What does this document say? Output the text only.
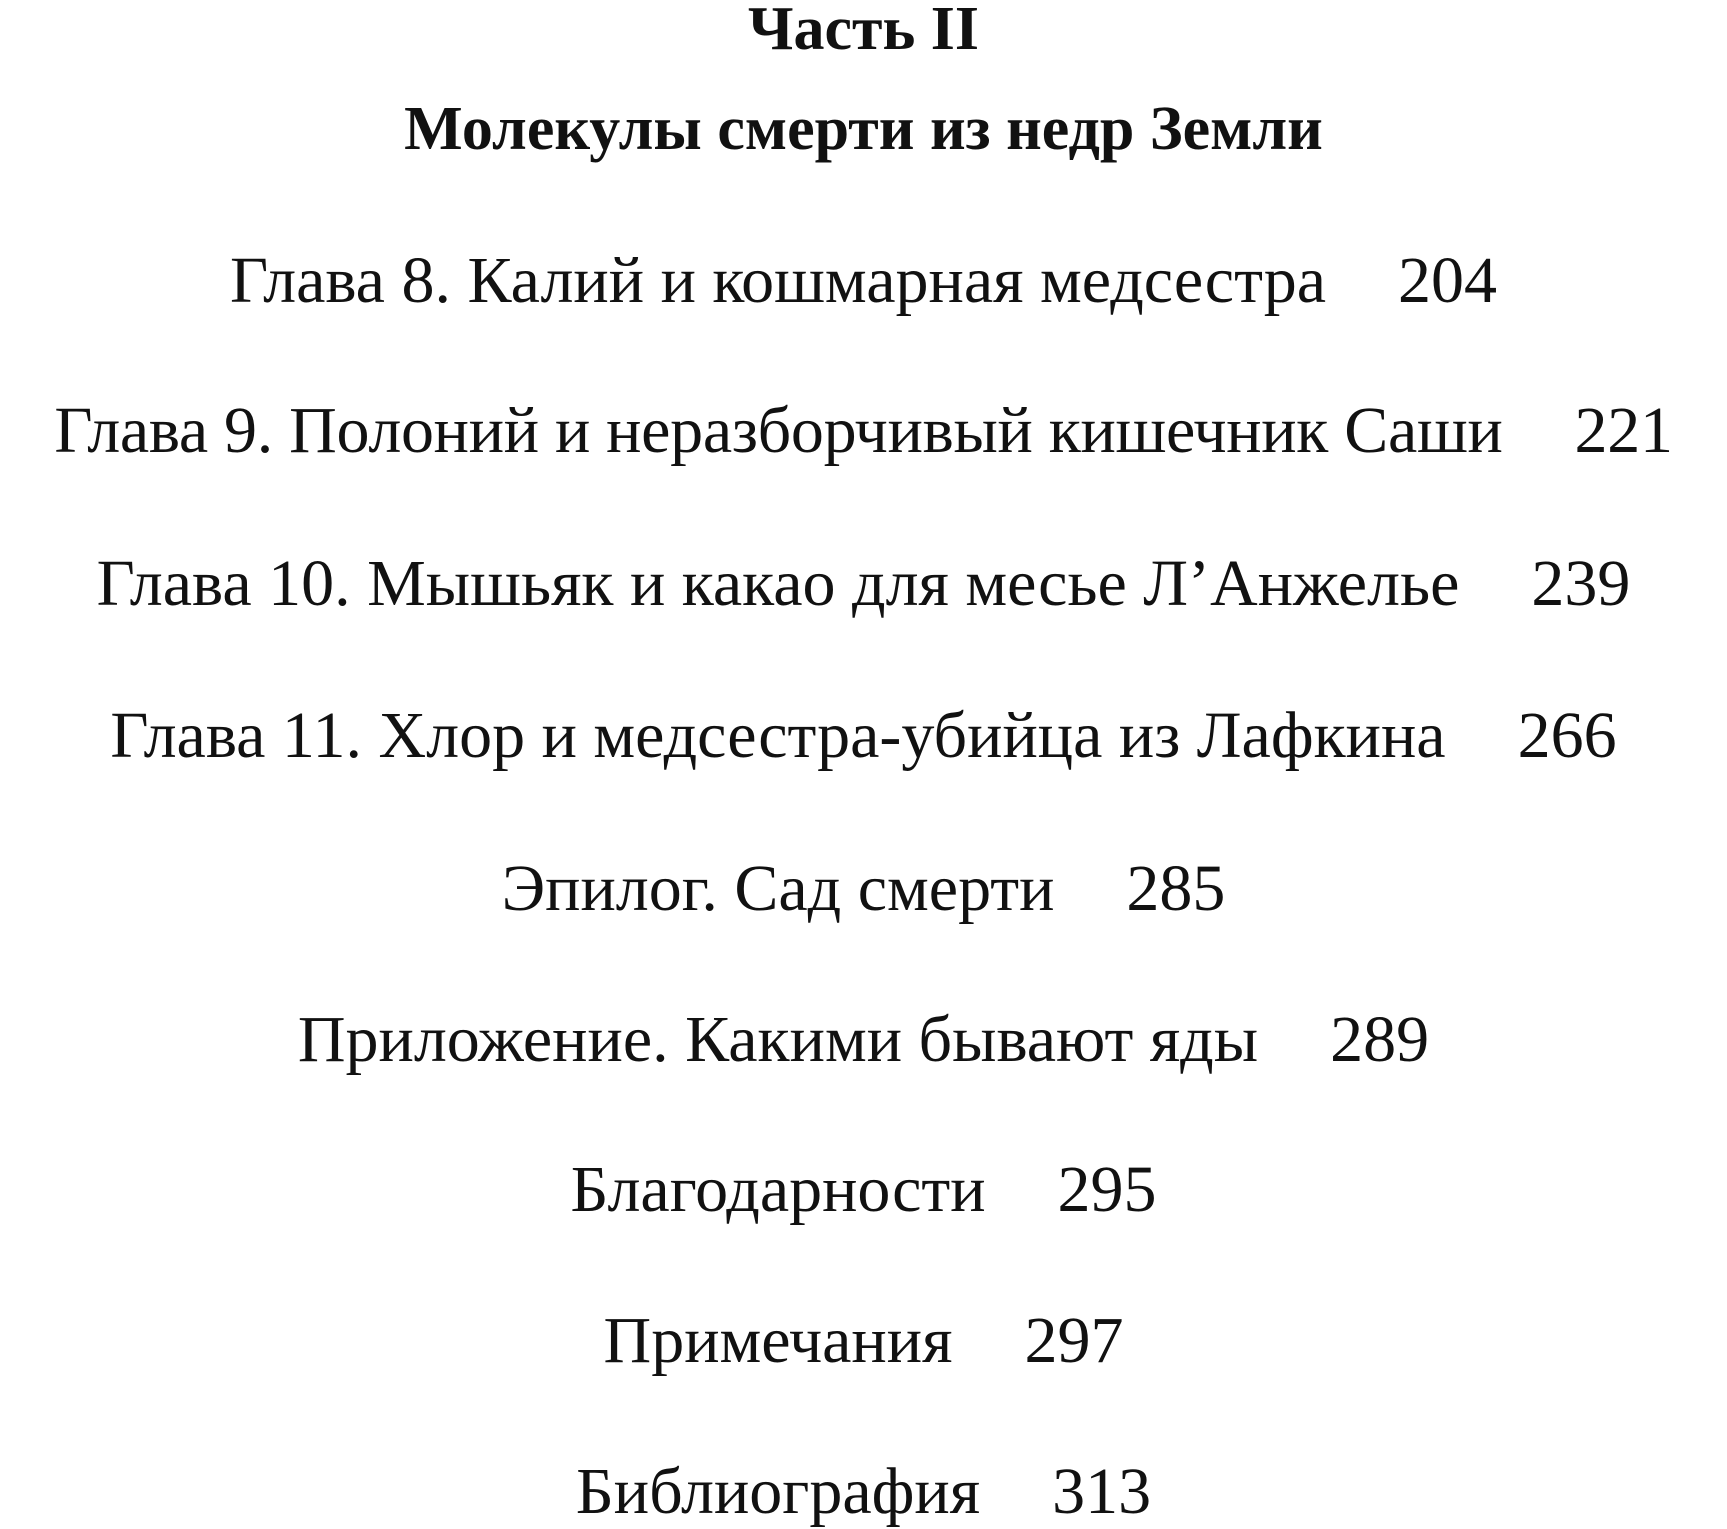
Часть II
Молекулы смерти из недр Земли
Глава 8. Калий и кошмарная медсестра 204
Глава 9. Полоний и неразборчивый кишечник Саши 221
Глава 10. Мышьяк и какао для месье Л’Анжелье 239
Глава 11. Хлор и медсестра-убийца из Лафкина 266
Эпилог. Сад смерти 285
Приложение. Какими бывают яды 289
Благодарности 295
Примечания 297
Библиография 313
